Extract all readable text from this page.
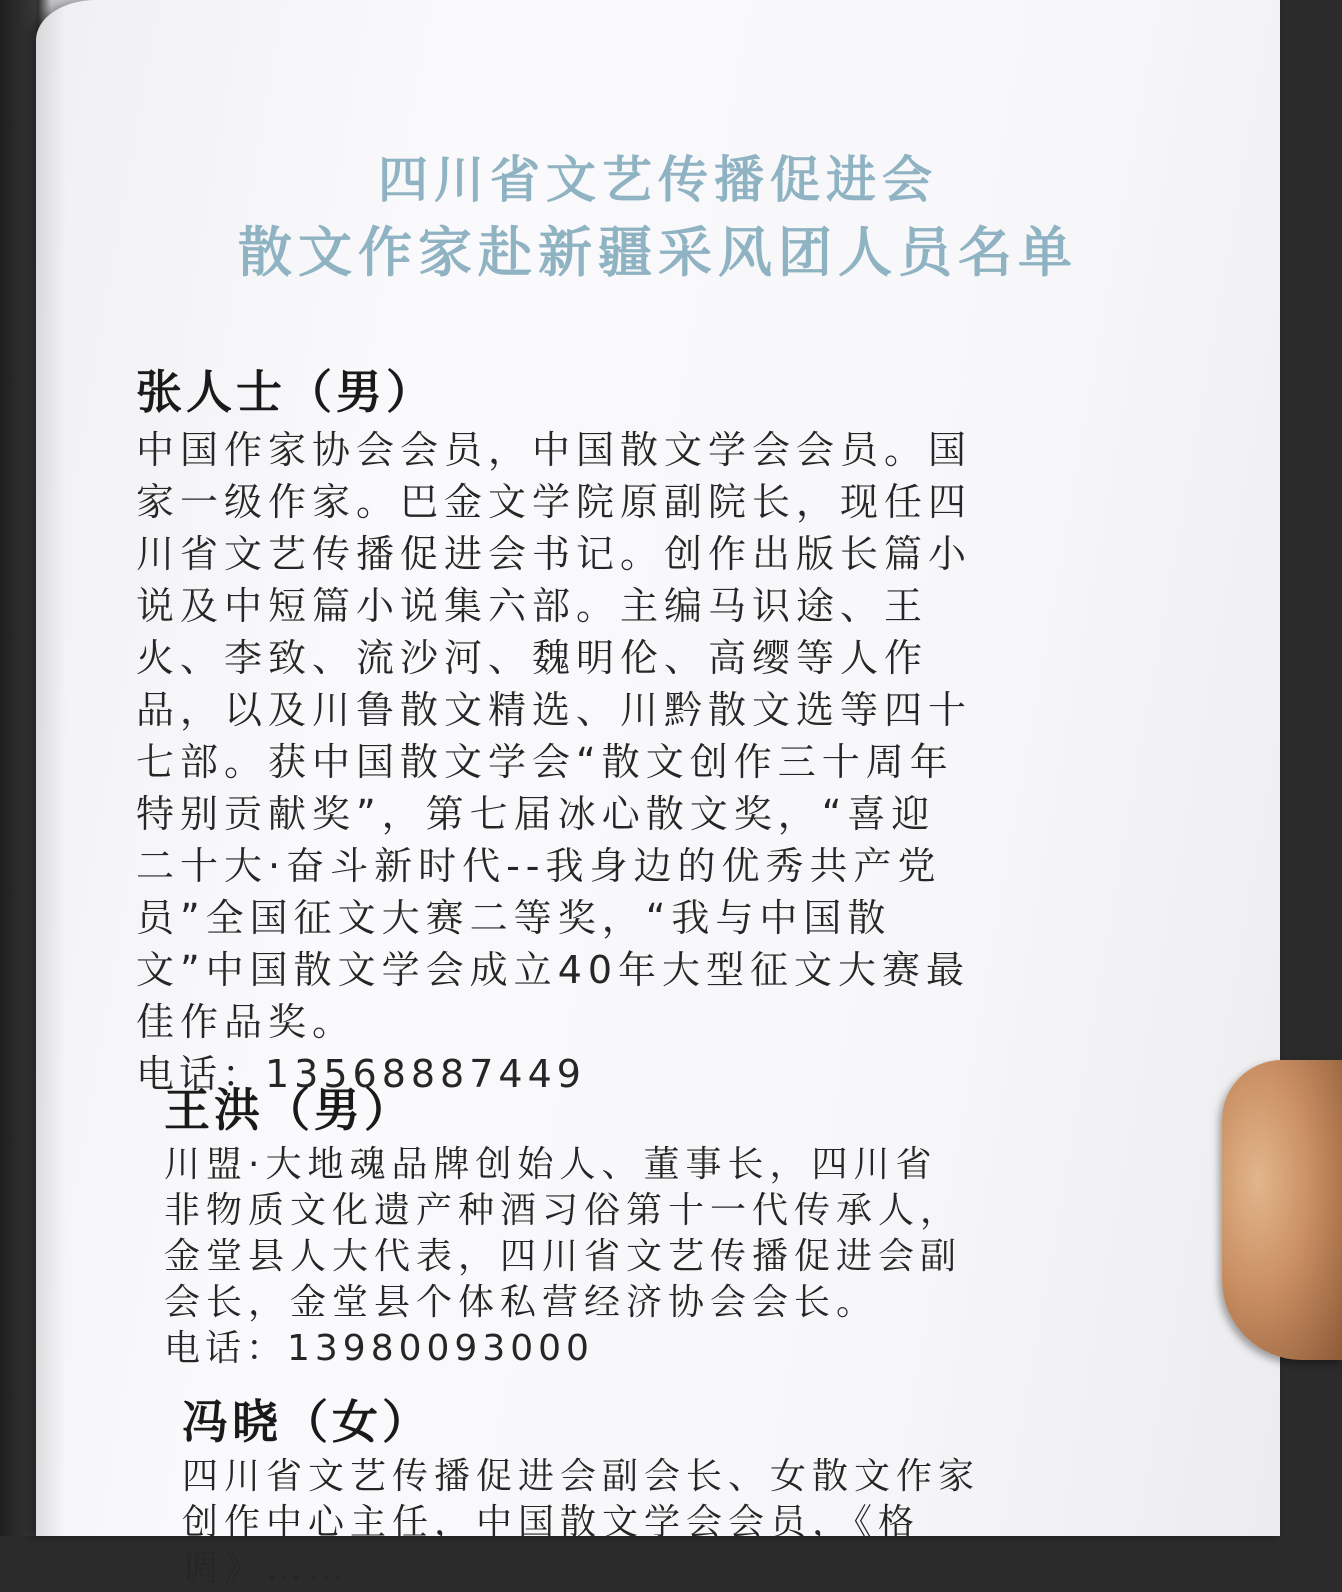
四川省文艺传播促进会
散文作家赴新疆采风团人员名单
张人士（男）
中国作家协会会员，中国散文学会会员。国
家一级作家。巴金文学院原副院长，现任四
川省文艺传播促进会书记。创作出版长篇小
说及中短篇小说集六部。主编马识途、王
火、李致、流沙河、魏明伦、高缨等人作
品，以及川鲁散文精选、川黔散文选等四十
七部。获中国散文学会“散文创作三十周年
特别贡献奖”，第七届冰心散文奖，“喜迎
二十大·奋斗新时代--我身边的优秀共产党
员”全国征文大赛二等奖，“我与中国散
文”中国散文学会成立40年大型征文大赛最
佳作品奖。
电话：13568887449
王洪（男）
川盟·大地魂品牌创始人、董事长，四川省
非物质文化遗产种酒习俗第十一代传承人，
金堂县人大代表，四川省文艺传播促进会副
会长，金堂县个体私营经济协会会长。
电话：13980093000
冯晓（女）
四川省文艺传播促进会副会长、女散文作家
创作中心主任，中国散文学会会员，《格
调》……
